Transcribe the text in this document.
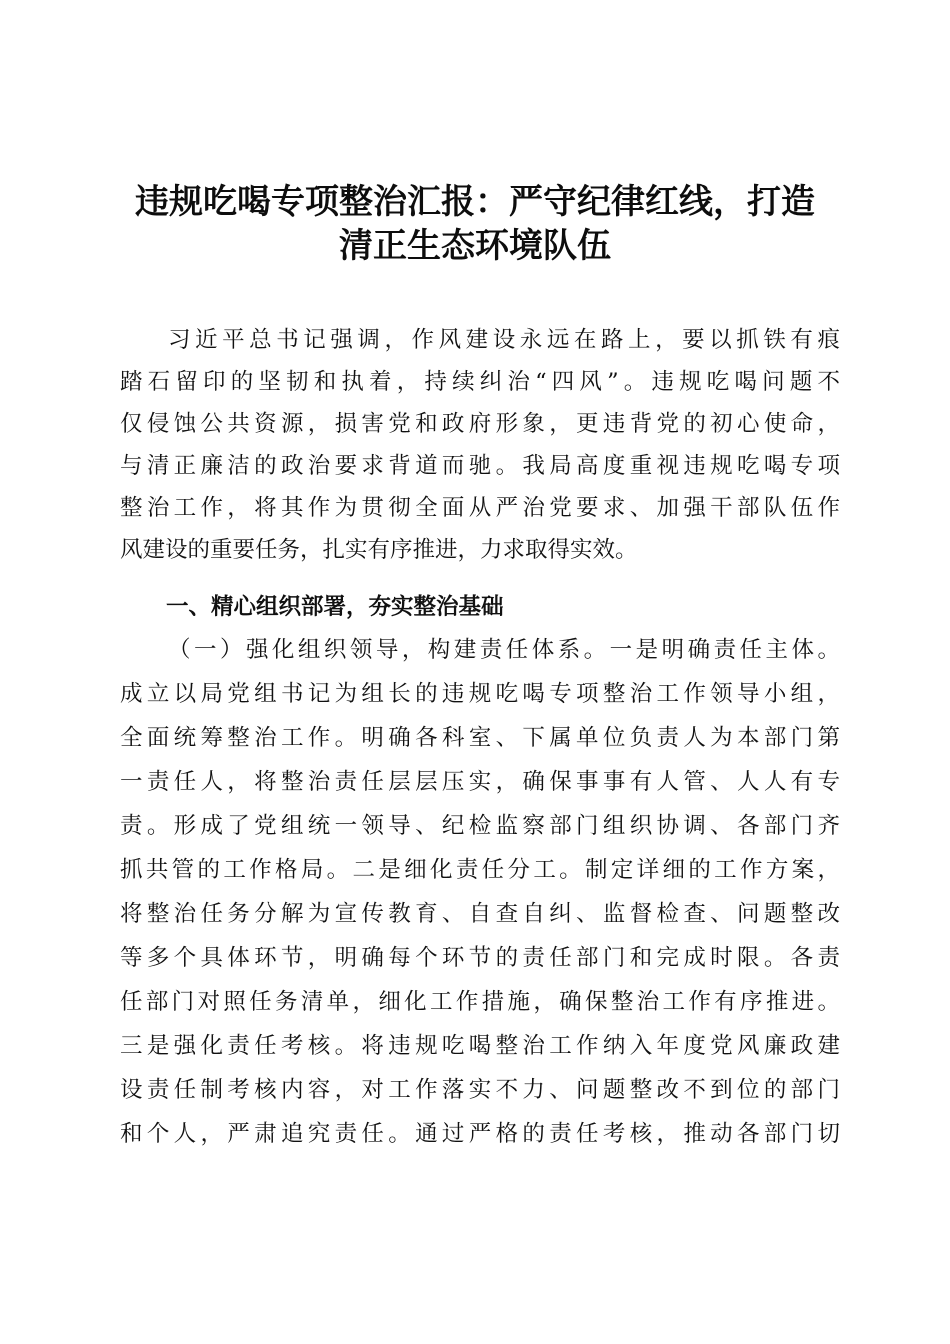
违规吃喝专项整治汇报：严守纪律红线，打造
清正生态环境队伍
习近平总书记强调，作风建设永远在路上，要以抓铁有痕
踏石留印的坚韧和执着，持续纠治“四风”。违规吃喝问题不
仅侵蚀公共资源，损害党和政府形象，更违背党的初心使命，
与清正廉洁的政治要求背道而驰。我局高度重视违规吃喝专项
整治工作，将其作为贯彻全面从严治党要求、加强干部队伍作
风建设的重要任务，扎实有序推进，力求取得实效。
一、精心组织部署，夯实整治基础
（一）强化组织领导，构建责任体系。一是明确责任主体。
成立以局党组书记为组长的违规吃喝专项整治工作领导小组，
全面统筹整治工作。明确各科室、下属单位负责人为本部门第
一责任人，将整治责任层层压实，确保事事有人管、人人有专
责。形成了党组统一领导、纪检监察部门组织协调、各部门齐
抓共管的工作格局。二是细化责任分工。制定详细的工作方案，
将整治任务分解为宣传教育、自查自纠、监督检查、问题整改
等多个具体环节，明确每个环节的责任部门和完成时限。各责
任部门对照任务清单，细化工作措施，确保整治工作有序推进。
三是强化责任考核。将违规吃喝整治工作纳入年度党风廉政建
设责任制考核内容，对工作落实不力、问题整改不到位的部门
和个人，严肃追究责任。通过严格的责任考核，推动各部门切
